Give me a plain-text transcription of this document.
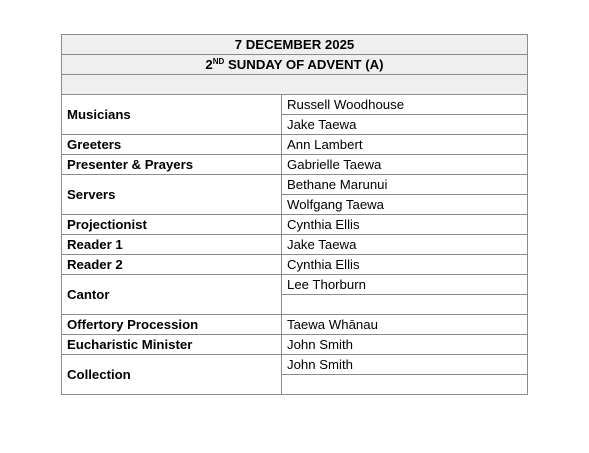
7 DECEMBER 2025	
2ND SUNDAY OF ADVENT (A)	

Musicians	Russell Woodhouse
	Jake Taewa
Greeters	Ann Lambert
Presenter & Prayers	Gabrielle Taewa
Servers	Bethane Marunui
	Wolfgang Taewa
Projectionist	Cynthia Ellis
Reader 1	Jake Taewa
Reader 2	Cynthia Ellis
Cantor	Lee Thorburn

Offertory Procession	Taewa Whānau
Eucharistic Minister	John Smith
Collection	John Smith
